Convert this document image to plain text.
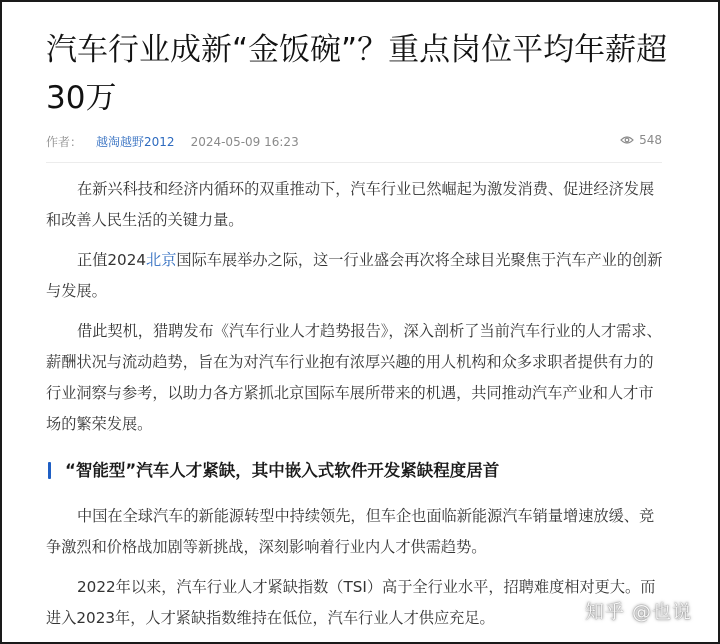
汽车行业成新“金饭碗”？重点岗位平均年薪超30万
作者： 越淘越野2012 2024-05-09 16:23	548

在新兴科技和经济内循环的双重推动下，汽车行业已然崛起为激发消费、促进经济发展和改善人民生活的关键力量。

正值2024北京国际车展举办之际，这一行业盛会再次将全球目光聚焦于汽车产业的创新与发展。

借此契机，猎聘发布《汽车行业人才趋势报告》，深入剖析了当前汽车行业的人才需求、薪酬状况与流动趋势，旨在为对汽车行业抱有浓厚兴趣的用人机构和众多求职者提供有力的行业洞察与参考，以助力各方紧抓北京国际车展所带来的机遇，共同推动汽车产业和人才市场的繁荣发展。

“智能型”汽车人才紧缺，其中嵌入式软件开发紧缺程度居首

中国在全球汽车的新能源转型中持续领先，但车企也面临新能源汽车销量增速放缓、竞争激烈和价格战加剧等新挑战，深刻影响着行业内人才供需趋势。

2022年以来，汽车行业人才紧缺指数（TSI）高于全行业水平，招聘难度相对更大。而进入2023年，人才紧缺指数维持在低位，汽车行业人才供应充足。	知乎 @也说
